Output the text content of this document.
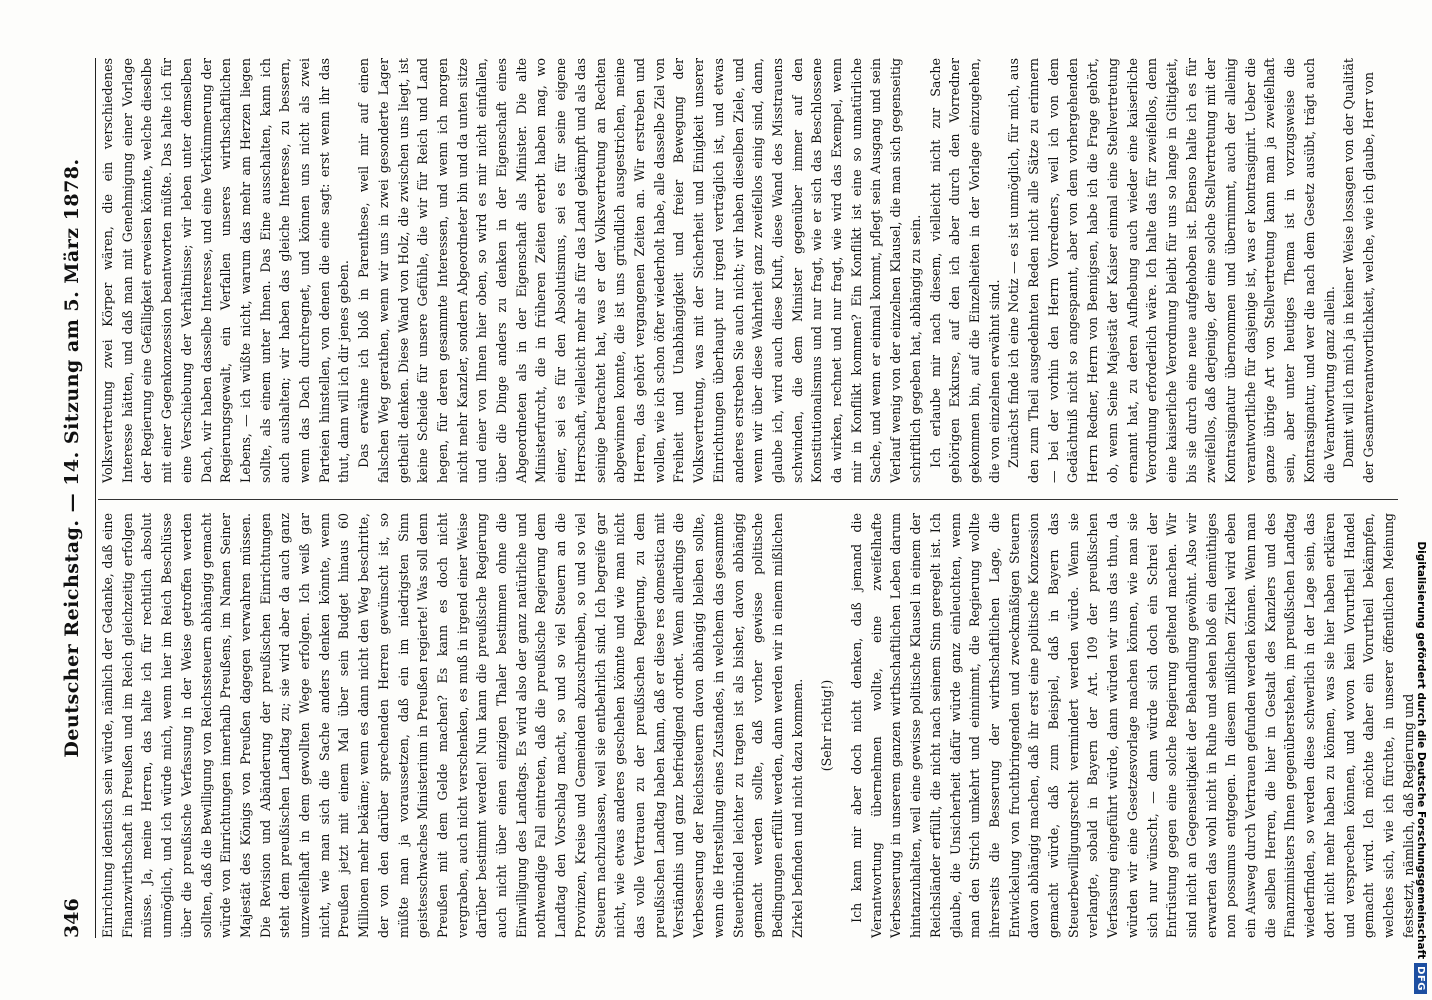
346
Deutscher Reichstag. — 14. Sitzung am 5. März 1878. Einrichtung identisch sein würde, nämlich der Gedanke, daß eine Finanzwirthschaft in Preußen und im Reich gleichzeitig erfolgen müsse. Ja, meine Herren, das halte ich für rechtlich absolut unmöglich, und ich würde mich, wenn hier im Reich Beschlüsse über die preußische Verfassung in der Weise getroffen werden sollten, daß die Bewilligung von Reichssteuern abhängig gemacht würde von Einrichtungen innerhalb Preußens, im Namen Seiner Majestät des Königs von Preußen dagegen verwahren müssen. Die Revision und Abänderung der preußischen Einrichtungen steht dem preußischen Landtag zu; sie wird aber da auch ganz unzweifelhaft in dem gewollten Wege erfolgen. Ich weiß gar nicht, wie man sich die Sache anders denken könnte, wenn Preußen jetzt mit einem Mal über sein Budget hinaus 60 Millionen mehr bekäme; wenn es dann nicht den Weg beschritte, der von den darüber sprechenden Herren gewünscht ist, so müßte man ja voraussetzen, daß ein im niedrigsten Sinn geistesschwaches Ministerium in Preußen regierte! Was soll denn Preußen mit dem Gelde machen? Es kann es doch nicht vergraben, auch nicht verschenken, es muß in irgend einer Weise darüber bestimmt werden! Nun kann die preußische Regierung auch nicht über einen einzigen Thaler bestimmen ohne die Einwilligung des Landtags. Es wird also der ganz natürliche und nothwendige Fall eintreten, daß die preußische Regierung dem Landtag den Vorschlag macht, so und so viel Steuern an die Provinzen, Kreise und Gemeinden abzuschreiben, so und so viel Steuern nachzulassen, weil sie entbehrlich sind. Ich begreife gar nicht, wie etwas anderes geschehen könnte und wie man nicht das volle Vertrauen zu der preußischen Regierung, zu dem preußischen Landtag haben kann, daß er diese res domestica mit Verständnis und ganz befriedigend ordnet. Wenn allerdings die Verbesserung der Reichssteuern davon abhängig bleiben sollte, wenn die Herstellung eines Zustandes, in welchem das gesammte Steuerbündel leichter zu tragen ist als bisher, davon abhängig gemacht werden sollte, daß vorher gewisse politische Bedingungen erfüllt werden, dann werden wir in einem mißlichen Zirkel befinden und nicht dazu kommen. (Sehr richtig!) Ich kann mir aber doch nicht denken, daß jemand die Verantwortung übernehmen wollte, eine zweifelhafte Verbesserung in unserem ganzen wirthschaftlichen Leben darum hintanzuhalten, weil eine gewisse politische Klausel in einem der Reichsländer erfüllt, die nicht nach seinem Sinn geregelt ist. Ich glaube, die Unsicherheit dafür würde ganz einleuchten, wenn man den Strich umkehrt und einnimmt, die Regierung wollte ihrerseits die Besserung der wirthschaftlichen Lage, die Entwickelung von fruchtbringenden und zweckmäßigen Steuern davon abhängig machen, daß ihr erst eine politische Konzession gemacht würde, daß zum Beispiel, daß in Bayern das Steuerbewilligungsrecht vermindert werden würde. Wenn sie verlangte, sobald in Bayern der Art. 109 der preußischen Verfassung eingeführt würde, dann würden wir uns das thun, da würden wir eine Gesetzesvorlage machen können, wie man sie sich nur wünscht, — dann würde sich doch ein Schrei der Entrüstung gegen eine solche Regierung geltend machen. Wir sind nicht an Gegenseitigkeit der Behandlung gewöhnt. Also wir erwarten das wohl nicht in Ruhe und sehen bloß ein demüthiges non possumus entgegen. In diesem mißlichen Zirkel wird eben ein Ausweg durch Vertrauen gefunden werden können. Wenn man die selben Herren, die hier in Gestalt des Kanzlers und des Finanzministers Ihnen gegenüberstehen, im preußischen Landtag wiederfinden, so werden diese schwerlich in der Lage sein, das dort nicht mehr haben zu können, was sie hier haben erklären und versprechen können, und wovon kein Vorurtheil Handel gemacht wird. Ich möchte daher ein Vorurtheil bekämpfen, welches sich, wie ich fürchte, in unserer öffentlichen Meinung festsetzt, nämlich, daß Regierung und

Volksvertretung zwei Körper wären, die ein verschiedenes Interesse hätten, und daß man mit Genehmigung einer Vorlage der Regierung eine Gefälligkeit erweisen könnte, welche dieselbe mit einer Gegenkonzession beantworten müßte. Das halte ich für eine Verschiebung der Verhältnisse; wir leben unter demselben Dach, wir haben dasselbe Interesse, und eine Verkümmerung der Regierungsgewalt, ein Verfallen unseres wirthschaftlichen Lebens, — ich wüßte nicht, warum das mehr am Herzen liegen sollte, als einem unter Ihnen. Das Eine ausschalten, kann ich auch aushalten; wir haben das gleiche Interesse, zu bessern, wenn das Dach durchregnet, und können uns nicht als zwei Parteien hinstellen, von denen die eine sagt: erst wenn ihr das thut, dann will ich dir jenes geben. Das erwähne ich bloß in Parenthese, weil mir auf einen falschen Weg gerathen, wenn wir uns in zwei gesonderte Lager getheilt denken. Diese Wand von Holz, die zwischen uns liegt, ist keine Scheide für unsere Gefühle, die wir für Reich und Land hegen, für deren gesammte Interessen, und wenn ich morgen nicht mehr Kanzler, sondern Abgeordneter bin und da unten sitze und einer von Ihnen hier oben, so wird es mir nicht einfallen, über die Dinge anders zu denken in der Eigenschaft eines Abgeordneten als in der Eigenschaft als Minister. Die alte Ministerfurcht, die in früheren Zeiten ererbt haben mag, wo einer, sei es für den Absolutismus, sei es für seine eigene Herrschaft, vielleicht mehr als für das Land gekämpft und als das seinige betrachtet hat, was er der Volksvertretung an Rechten abgewinnen konnte, die ist uns gründlich ausgestrichen, meine Herren, das gehört vergangenen Zeiten an. Wir erstreben und wollen, wie ich schon öfter wiederholt habe, alle dasselbe Ziel von Freiheit und Unabhängigkeit und freier Bewegung der Volksvertretung, was mit der Sicherheit und Einigkeit unserer Einrichtungen überhaupt nur irgend verträglich ist, und etwas anderes erstreben Sie auch nicht; wir haben dieselben Ziele, und wenn wir über diese Wahrheit ganz zweifellos einig sind, dann, glaube ich, wird auch diese Kluft, diese Wand des Misstrauens schwinden, die dem Minister gegenüber immer auf den Konstitutionalismus und nur fragt, wie er sich das Beschlossene da wirken, rechnet und nur fragt, wie wird das Exempel, wenn mir in Konflikt kommen? Ein Konflikt ist eine so unnatürliche Sache, und wenn er einmal kommt, pflegt sein Ausgang und sein Verlauf wenig von der einzelnen Klausel, die man sich gegenseitig schriftlich gegeben hat, abhängig zu sein. Ich erlaube mir nach diesem, vielleicht nicht zur Sache gehörigen Exkurse, auf den ich aber durch den Vorredner gekommen bin, auf die Einzelheiten in der Vorlage einzugehen, die von einzelnen erwähnt sind. Zunächst finde ich eine Notiz — es ist unmöglich, für mich, aus den zum Theil ausgedehnten Reden nicht alle Sätze zu erinnern — bei der vorhin den Herrn Vorredners, weil ich von dem Gedächtniß nicht so angespannt, aber von dem vorhergehenden Herrn Redner, Herrn von Bennigsen, habe ich die Frage gehört, ob, wenn Seine Majestät der Kaiser einmal eine Stellvertretung ernannt hat, zu deren Aufhebung auch wieder eine kaiserliche Verordnung erforderlich wäre. Ich halte das für zweifellos, denn eine kaiserliche Verordnung bleibt für uns so lange in Giltigkeit, bis sie durch eine neue aufgehoben ist. Ebenso halte ich es für zweifellos, daß derjenige, der eine solche Stellvertretung mit der Kontrasignatur übernommen und übernimmt, auch der alleinig verantwortliche für dasjenige ist, was er kontrasignirt. Ueber die ganze übrige Art von Stellvertretung kann man ja zweifelhaft sein, aber unter heutiges Thema ist in vorzugsweise die Kontrasignatur, und wer die nach dem Gesetz ausübt, trägt auch die Verantwortung ganz allein. Damit will ich mich ja in keiner Weise lossagen von der Qualität der Gesamtverantwortlichkeit, welche, wie ich glaube, Herr von

Digitalisierung gefördert durch die Deutsche Forschungsgemeinschaft
DFG
